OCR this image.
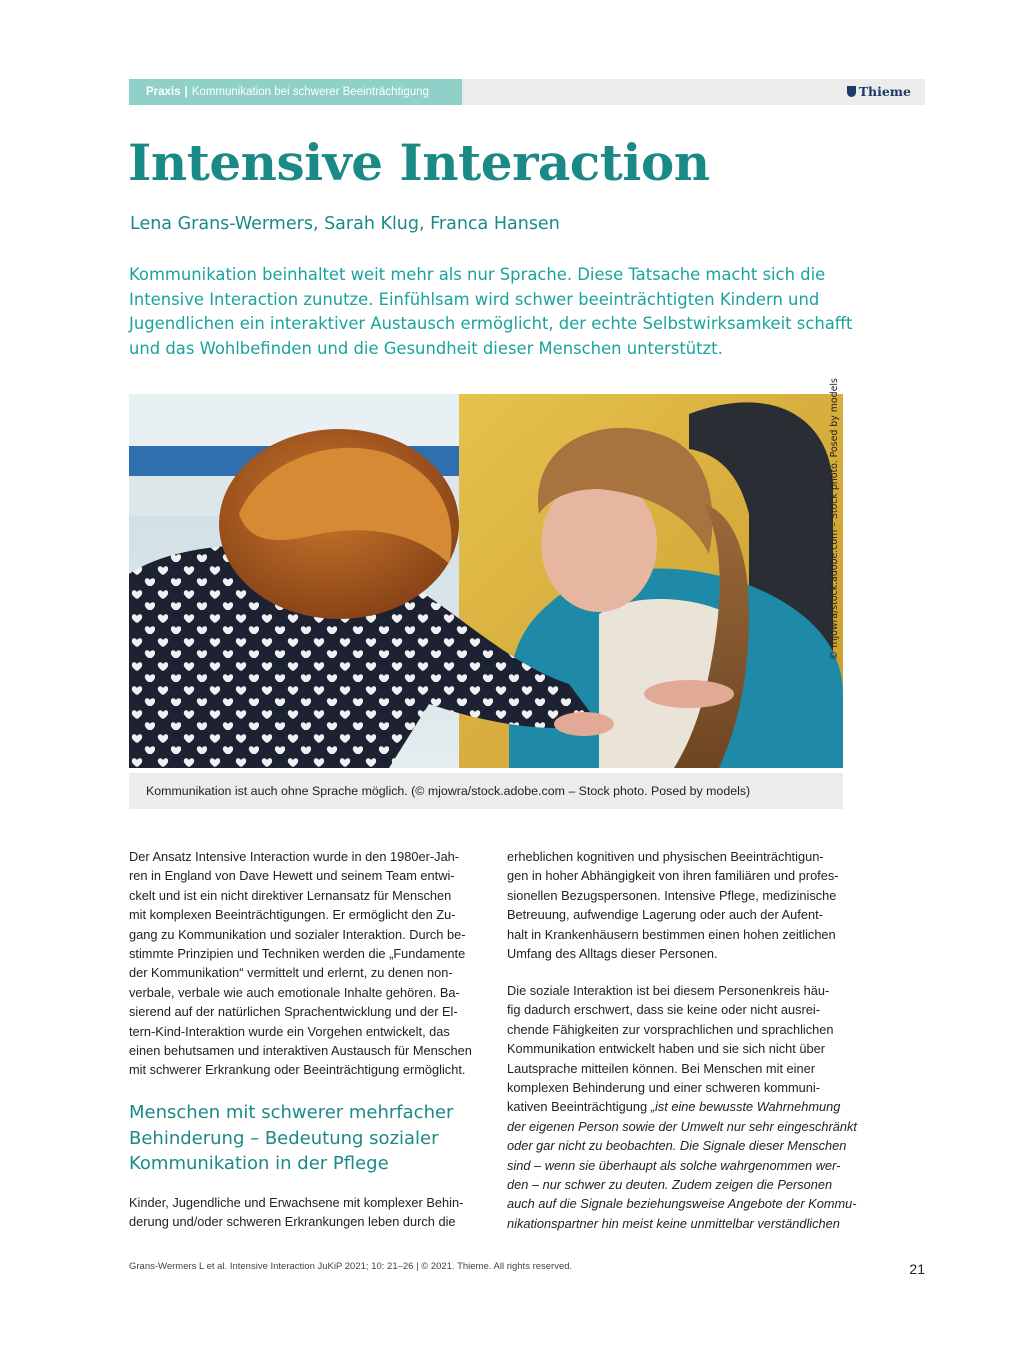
Praxis | Kommunikation bei schwerer Beeinträchtigung	Thieme
Intensive Interaction
Lena Grans-Wermers, Sarah Klug, Franca Hansen
Kommunikation beinhaltet weit mehr als nur Sprache. Diese Tatsache macht sich die
Intensive Interaction zunutze. Einfühlsam wird schwer beeinträchtigten Kindern und
Jugendlichen ein interaktiver Austausch ermöglicht, der echte Selbstwirksamkeit schafft
und das Wohlbefinden und die Gesundheit dieser Menschen unterstützt.
© mjowra/stock.adobe.com – Stock photo. Posed by models
Kommunikation ist auch ohne Sprache möglich. (© mjowra/stock.adobe.com – Stock photo. Posed by models)
Der Ansatz Intensive Interaction wurde in den 1980er-Jah-
ren in England von Dave Hewett und seinem Team entwi-
ckelt und ist ein nicht direktiver Lernansatz für Menschen
mit komplexen Beeinträchtigungen. Er ermöglicht den Zu-
gang zu Kommunikation und sozialer Interaktion. Durch be-
stimmte Prinzipien und Techniken werden die „Fundamente
der Kommunikation“ vermittelt und erlernt, zu denen non-
verbale, verbale wie auch emotionale Inhalte gehören. Ba-
sierend auf der natürlichen Sprachentwicklung und der El-
tern-Kind-Interaktion wurde ein Vorgehen entwickelt, das
einen behutsamen und interaktiven Austausch für Menschen
mit schwerer Erkrankung oder Beeinträchtigung ermöglicht.
Menschen mit schwerer mehrfacher
Behinderung – Bedeutung sozialer
Kommunikation in der Pflege
Kinder, Jugendliche und Erwachsene mit komplexer Behin-
derung und/oder schweren Erkrankungen leben durch die
erheblichen kognitiven und physischen Beeinträchtigun-
gen in hoher Abhängigkeit von ihren familiären und profes-
sionellen Bezugspersonen. Intensive Pflege, medizinische
Betreuung, aufwendige Lagerung oder auch der Aufent-
halt in Krankenhäusern bestimmen einen hohen zeitlichen
Umfang des Alltags dieser Personen.
Die soziale Interaktion ist bei diesem Personenkreis häu-
fig dadurch erschwert, dass sie keine oder nicht ausrei-
chende Fähigkeiten zur vorsprachlichen und sprachlichen
Kommunikation entwickelt haben und sie sich nicht über
Lautsprache mitteilen können. Bei Menschen mit einer
komplexen Behinderung und einer schweren kommuni-
kativen Beeinträchtigung „ist eine bewusste Wahrnehmung
der eigenen Person sowie der Umwelt nur sehr eingeschränkt
oder gar nicht zu beobachten. Die Signale dieser Menschen
sind – wenn sie überhaupt als solche wahrgenommen wer-
den – nur schwer zu deuten. Zudem zeigen die Personen
auch auf die Signale beziehungsweise Angebote der Kommu-
nikationspartner hin meist keine unmittelbar verständlichen
Grans-Wermers L et al. Intensive Interaction JuKiP 2021; 10: 21–26 | © 2021. Thieme. All rights reserved.	21
